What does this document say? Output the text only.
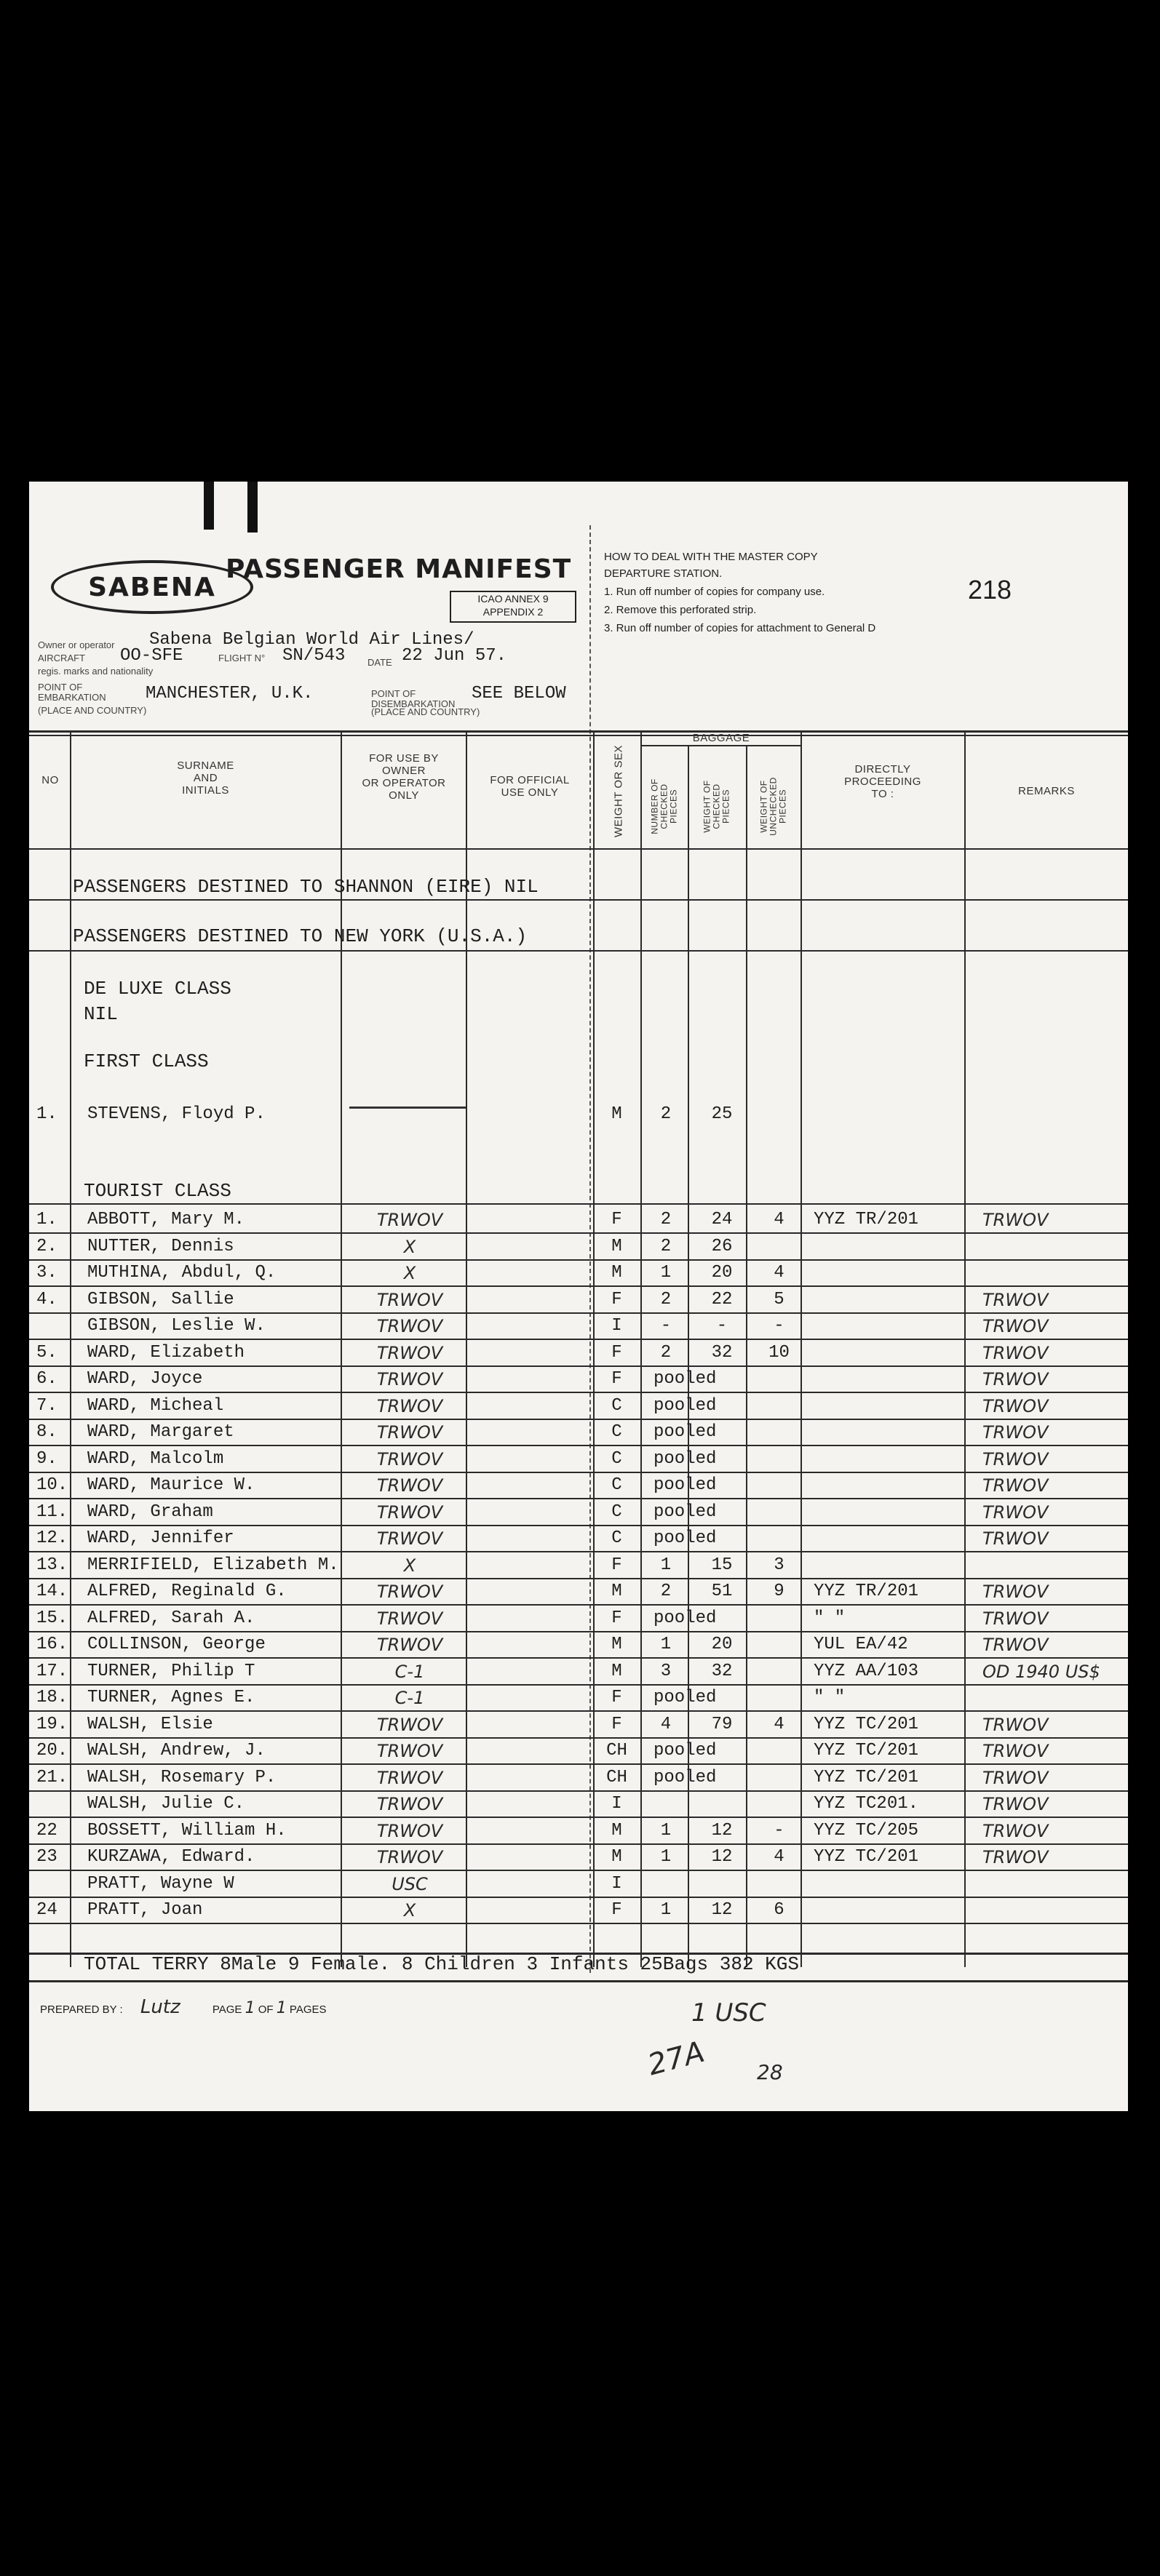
SABENA
PASSENGER MANIFEST
ICAO ANNEX 9
APPENDIX 2
HOW TO DEAL WITH THE MASTER COPY
DEPARTURE STATION.
1. Run off number of copies for company use.
2. Remove this perforated strip.
3. Run off number of copies for attachment to General D
218
Owner or operator Sabena Belgian World Air Lines/
AIRCRAFT OO-SFE	FLIGHT N° SN/543 DATE 22 Jun 57.
regis. marks and nationality
POINT OF EMBARKATION MANCHESTER, U.K.
(PLACE AND COUNTRY)
POINT OF DISEMBARKATION
SEE BELOW
(PLACE AND COUNTRY)
NO
SURNAME
AND
INITIALS
FOR USE BY
OWNER
OR OPERATOR
ONLY
FOR OFFICIAL
USE ONLY	WEIGHT OR SEX
BAGGAGE
NUMBER OF CHECKED PIECES	WEIGHT OF CHECKED PIECES	WEIGHT OF UNCHECKED PIECES
DIRECTLY
PROCEEDING
TO :	REMARKS
PASSENGERS DESTINED TO SHANNON (EIRE) NIL
PASSENGERS DESTINED TO NEW YORK (U.S.A.)
DE LUXE CLASS
NIL
FIRST CLASS
1.	STEVENS, Floyd P.	M	2	25
TOURIST CLASS
1.	ABBOTT, Mary M.	TRWOV	F	2	24	4	YYZ TR/201	TRWOV
2.	NUTTER, Dennis	X	M	2	26
3.	MUTHINA, Abdul, Q.	X	M	1	20	4
4.	GIBSON, Sallie	TRWOV	F	2	22	5	TRWOV
GIBSON, Leslie W.	TRWOV	I	-	-	-	TRWOV
5.	WARD, Elizabeth	TRWOV	F	2	32	10	TRWOV
6.	WARD, Joyce	TRWOV	F	pooled	TRWOV
7.	WARD, Micheal	TRWOV	C	pooled	TRWOV
8.	WARD, Margaret	TRWOV	C	pooled	TRWOV
9.	WARD, Malcolm	TRWOV	C	pooled	TRWOV
10. WARD, Maurice W.	TRWOV	C	pooled	TRWOV
11. WARD, Graham	TRWOV	C	pooled	TRWOV
12. WARD, Jennifer	TRWOV	C	pooled	TRWOV
13. MERRIFIELD, Elizabeth M.	X	F	1	15	3
14. ALFRED, Reginald G.	TRWOV	M	2	51	9	YYZ TR/201	TRWOV
15. ALFRED, Sarah A.	TRWOV	F	pooled	" "	TRWOV
16. COLLINSON, George	TRWOV	M	1	20	YUL EA/42	TRWOV
17. TURNER, Philip T	C-1	M	3	32	YYZ AA/103	OD 1940 US$
18. TURNER, Agnes E.	C-1	F	pooled	" "
19. WALSH, Elsie	TRWOV	F	4	79	4	YYZ TC/201	TRWOV
20. WALSH, Andrew, J.	TRWOV	CH	pooled	YYZ TC/201	TRWOV
21. WALSH, Rosemary P.	TRWOV	CH	pooled	YYZ TC/201	TRWOV
WALSH, Julie C.	TRWOV	I	YYZ TC201.	TRWOV
22	BOSSETT, William H.	TRWOV	M	1	12	-	YYZ TC/205	TRWOV
23	KURZAWA, Edward.	TRWOV	M	1	12	4	YYZ TC/201	TRWOV
PRATT, Wayne W	USC	I
24	PRATT, Joan	X	F	1	12	6
TOTAL TERRY 8Male 9 Female. 8 Children 3 Infants 25Bags 382 KGS
PREPARED BY : Lutz	PAGE 1 OF 1 PAGES	1 USC
27A 28
